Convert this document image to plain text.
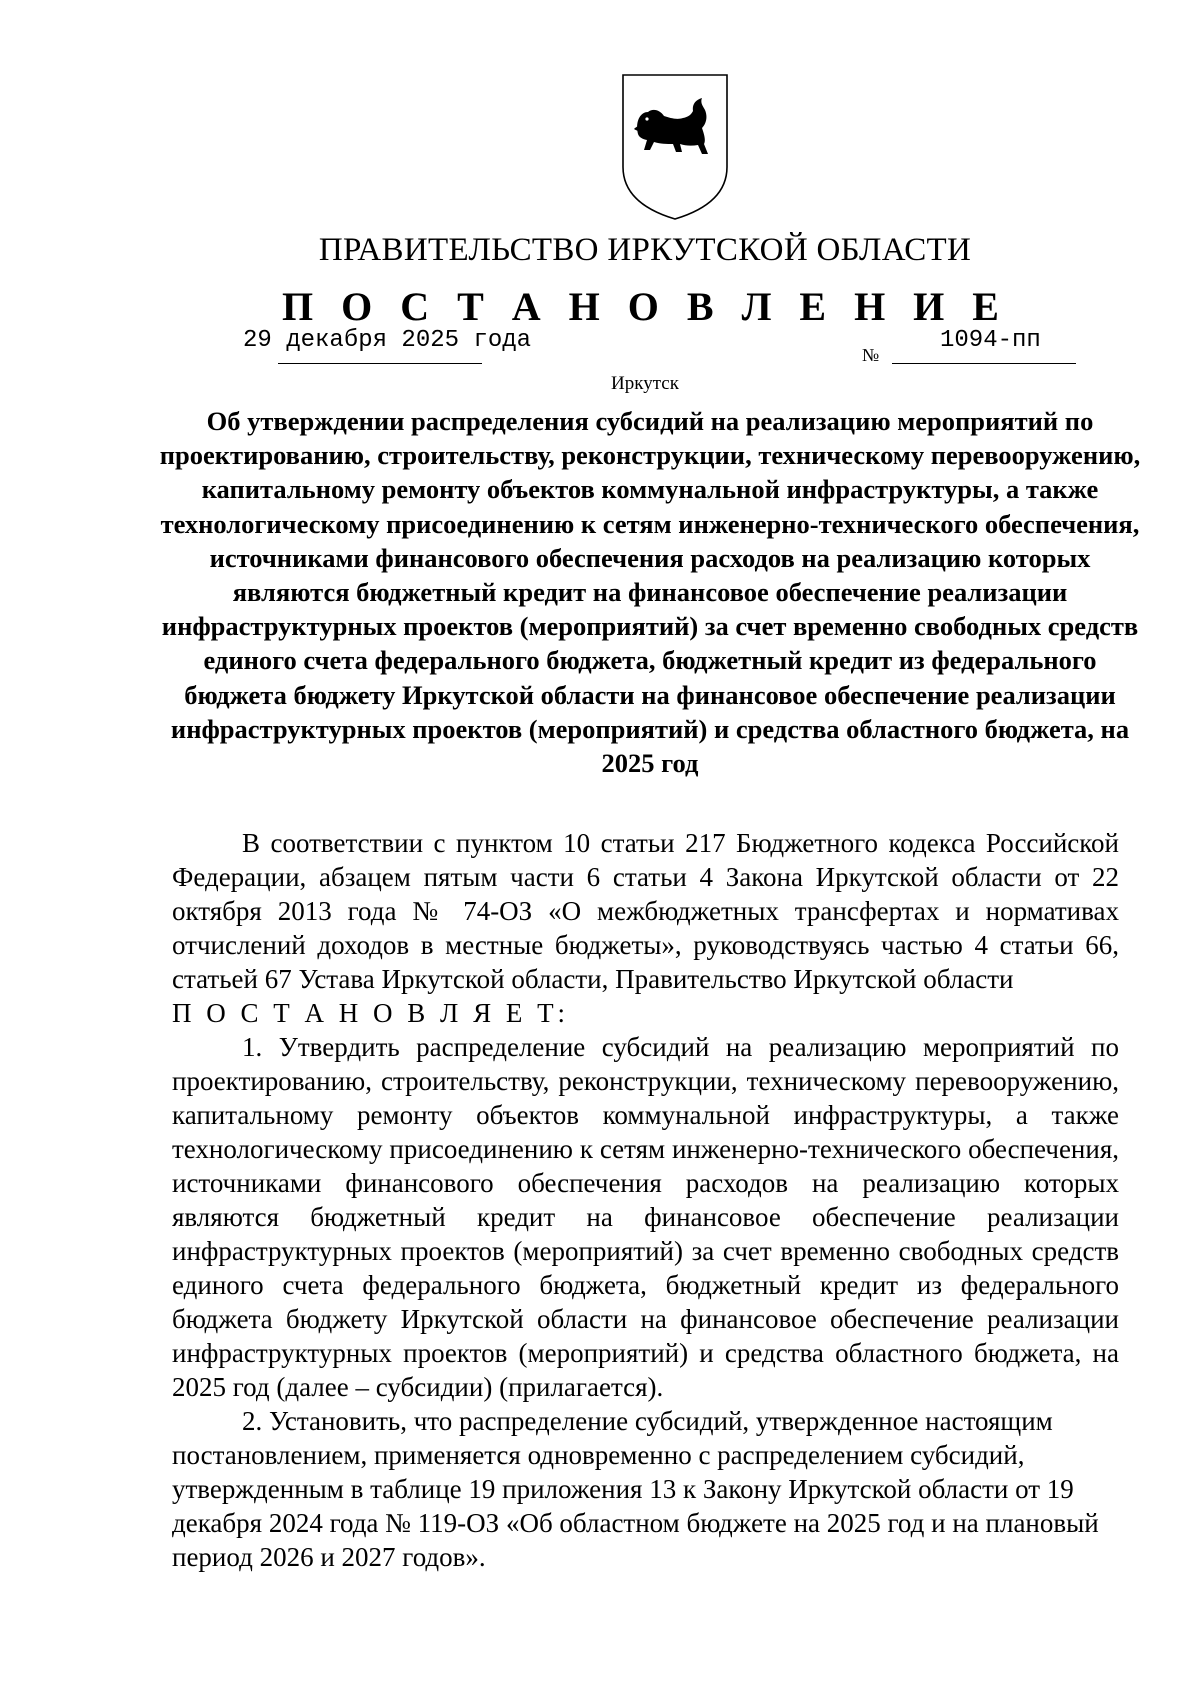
ПРАВИТЕЛЬСТВО ИРКУТСКОЙ ОБЛАСТИ
П О С Т А Н О В Л Е Н И Е
29 декабря 2025 года
№
1094-пп
Иркутск
Об утверждении распределения субсидий на реализацию мероприятий по проектированию, строительству, реконструкции, техническому перевооружению, капитальному ремонту объектов коммунальной инфраструктуры, а также технологическому присоединению к сетям инженерно-технического обеспечения, источниками финансового обеспечения расходов на реализацию которых являются бюджетный кредит на финансовое обеспечение реализации инфраструктурных проектов (мероприятий) за счет временно свободных средств единого счета федерального бюджета, бюджетный кредит из федерального бюджета бюджету Иркутской области на финансовое обеспечение реализации инфраструктурных проектов (мероприятий) и средства областного бюджета, на 2025 год

В соответствии с пунктом 10 статьи 217 Бюджетного кодекса Российской Федерации, абзацем пятым части 6 статьи 4 Закона Иркутской области от 22 октября 2013 года № 74-ОЗ «О межбюджетных трансфертах и нормативах отчислений доходов в местные бюджеты», руководствуясь частью 4 статьи 66, статьей 67 Устава Иркутской области, Правительство Иркутской области

П О С Т А Н О В Л Я Е Т:

1. Утвердить распределение субсидий на реализацию мероприятий по проектированию, строительству, реконструкции, техническому перевооружению, капитальному ремонту объектов коммунальной инфраструктуры, а также технологическому присоединению к сетям инженерно-технического обеспечения, источниками финансового обеспечения расходов на реализацию которых являются бюджетный кредит на финансовое обеспечение реализации инфраструктурных проектов (мероприятий) за счет временно свободных средств единого счета федерального бюджета, бюджетный кредит из федерального бюджета бюджету Иркутской области на финансовое обеспечение реализации инфраструктурных проектов (мероприятий) и средства областного бюджета, на 2025 год (далее – субсидии) (прилагается).

2. Установить, что распределение субсидий, утвержденное настоящим постановлением, применяется одновременно с распределением субсидий, утвержденным в таблице 19 приложения 13 к Закону Иркутской области от 19 декабря 2024 года № 119-ОЗ «Об областном бюджете на 2025 год и на плановый период 2026 и 2027 годов».
